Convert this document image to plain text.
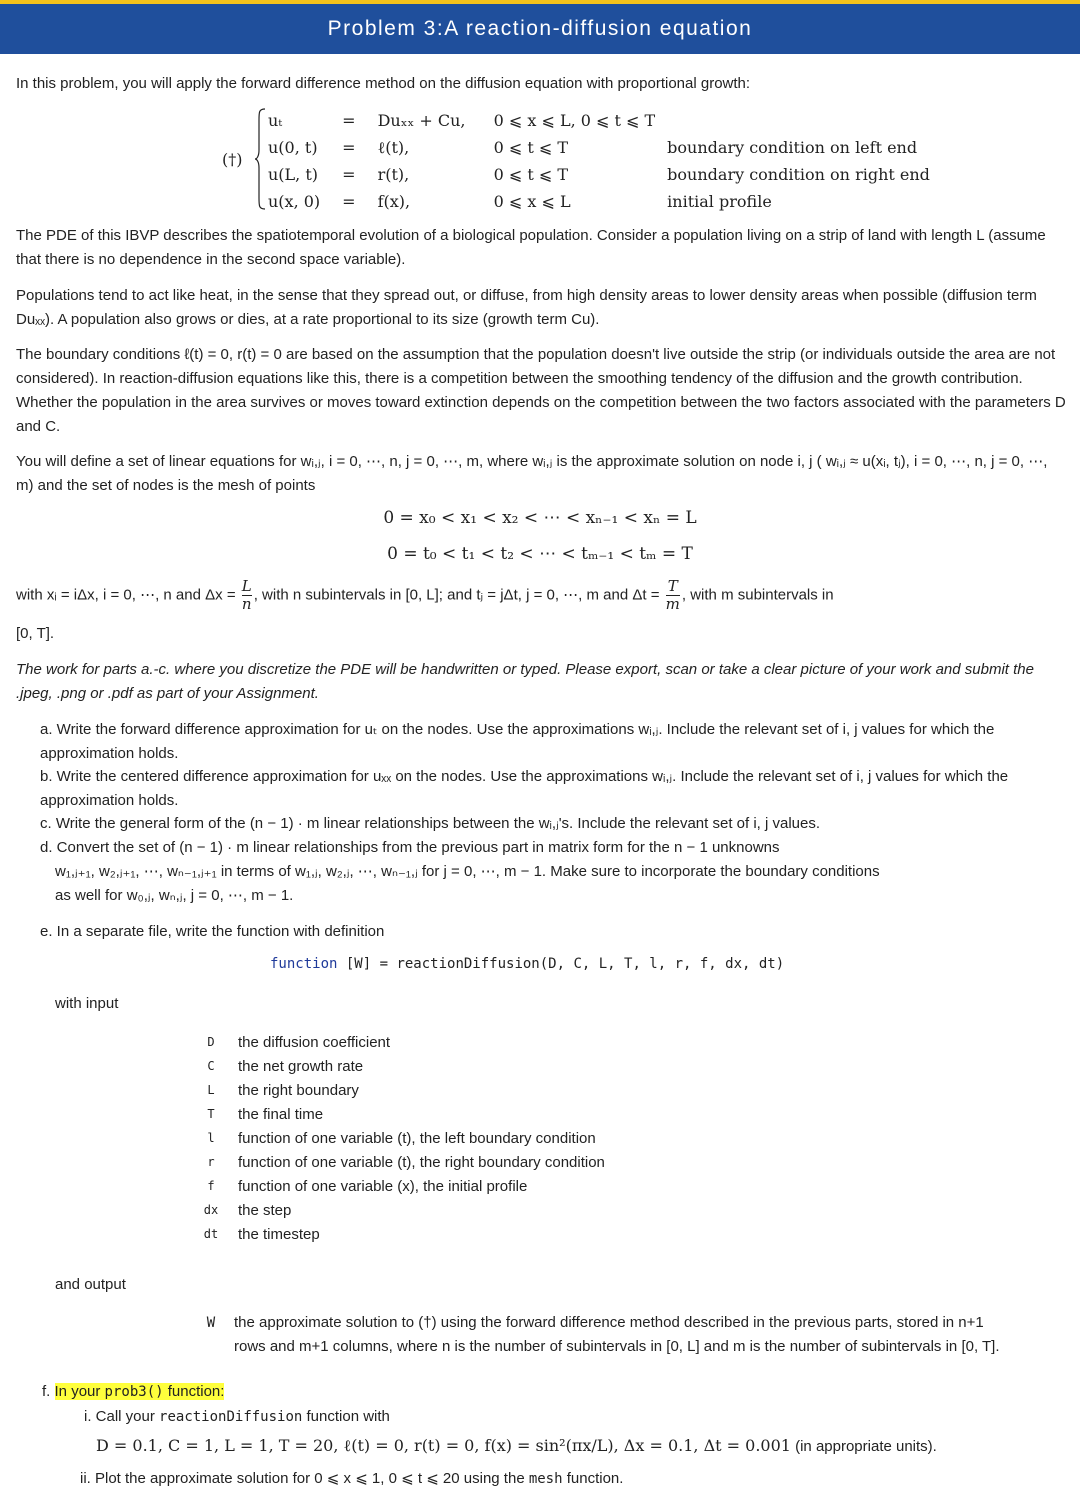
Problem 3:A reaction-diffusion equation
In this problem, you will apply the forward difference method on the diffusion equation with proportional growth:
(†)
uₜ	=	Duₓₓ + Cu,	0 ⩽ x ⩽ L, 0 ⩽ t ⩽ T	
u(0, t)	=	ℓ(t),	0 ⩽ t ⩽ T	boundary condition on left end
u(L, t)	=	r(t),	0 ⩽ t ⩽ T	boundary condition on right end
u(x, 0)	=	f(x),	0 ⩽ x ⩽ L	initial profile
The PDE of this IBVP describes the spatiotemporal evolution of a biological population. Consider a population living on a strip of land with length L (assume that there is no dependence in the second space variable).
Populations tend to act like heat, in the sense that they spread out, or diffuse, from high density areas to lower density areas when possible (diffusion term Duₓₓ). A population also grows or dies, at a rate proportional to its size (growth term Cu).
The boundary conditions ℓ(t) = 0, r(t) = 0 are based on the assumption that the population doesn't live outside the strip (or individuals outside the area are not considered). In reaction-diffusion equations like this, there is a competition between the smoothing tendency of the diffusion and the growth contribution. Whether the population in the area survives or moves toward extinction depends on the competition between the two factors associated with the parameters D and C.
You will define a set of linear equations for wᵢ,ⱼ, i = 0, ⋯, n, j = 0, ⋯, m, where wᵢ,ⱼ is the approximate solution on node i, j ( wᵢ,ⱼ ≈ u(xᵢ, tⱼ), i = 0, ⋯, n, j = 0, ⋯, m) and the set of nodes is the mesh of points
0 = x₀ < x₁ < x₂ < ⋯ < xₙ₋₁ < xₙ = L
0 = t₀ < t₁ < t₂ < ⋯ < tₘ₋₁ < tₘ = T
with xᵢ = iΔx, i = 0, ⋯, n and $\Delta x = \frac{L}{n}$ , with n subintervals in [0, L]; and tⱼ = jΔt, j = 0, ⋯, m and $\Delta t = \frac{T}{m}$ , with m subintervals in
[0, T].
The work for parts a.-c. where you discretize the PDE will be handwritten or typed. Please export, scan or take a clear picture of your work and submit the .jpeg, .png or .pdf as part of your Assignment.
a. Write the forward difference approximation for uₜ on the nodes. Use the approximations wᵢ,ⱼ. Include the relevant set of i, j values for which the approximation holds.
b. Write the centered difference approximation for uₓₓ on the nodes. Use the approximations wᵢ,ⱼ. Include the relevant set of i, j values for which the approximation holds.
c. Write the general form of the (n − 1) · m linear relationships between the wᵢ,ⱼ's. Include the relevant set of i, j values.
d. Convert the set of (n − 1) · m linear relationships from the previous part in matrix form for the n − 1 unknowns
w₁,ⱼ₊₁, w₂,ⱼ₊₁, ⋯, wₙ₋₁,ⱼ₊₁ in terms of w₁,ⱼ, w₂,ⱼ, ⋯, wₙ₋₁,ⱼ for j = 0, ⋯, m − 1. Make sure to incorporate the boundary conditions
as well for w₀,ⱼ, wₙ,ⱼ, j = 0, ⋯, m − 1.
e. In a separate file, write the function with definition
function [W] = reactionDiffusion(D, C, L, T, l, r, f, dx, dt)
with input
D	the diffusion coefficient
C	the net growth rate
L	the right boundary
T	the final time
l	function of one variable (t), the left boundary condition
r	function of one variable (t), the right boundary condition
f	function of one variable (x), the initial profile
dx	the step
dt	the timestep
and output
W	the approximate solution to (†) using the forward difference method described in the previous parts, stored in n+1
rows and m+1 columns, where n is the number of subintervals in [0, L] and m is the number of subintervals in [0, T].
f. In your prob3() function:
i. Call your reactionDiffusion function with
D = 0.1, C = 1, L = 1, T = 20, ℓ(t) = 0, r(t) = 0, f(x) = sin²(πx/L), Δx = 0.1, Δt = 0.001 (in appropriate units).
ii. Plot the approximate solution for 0 ⩽ x ⩽ 1, 0 ⩽ t ⩽ 20 using the mesh function.
